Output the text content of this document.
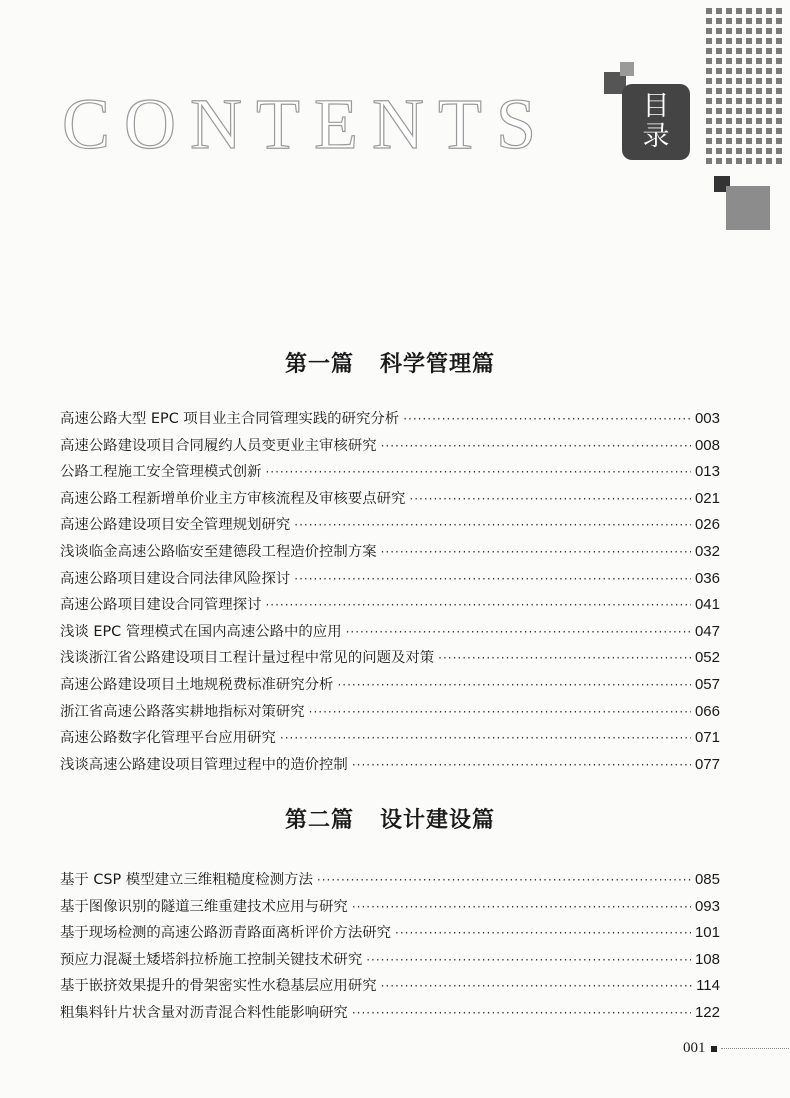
CONTENTS	目
录
第一篇 科学管理篇
高速公路大型 EPC 项目业主合同管理实践的研究分析 ·····	003
高速公路建设项目合同履约人员变更业主审核研究 ·····	008
公路工程施工安全管理模式创新 ·····	013
高速公路工程新增单价业主方审核流程及审核要点研究 ·····	021
高速公路建设项目安全管理规划研究 ·····	026
浅谈临金高速公路临安至建德段工程造价控制方案 ·····	032
高速公路项目建设合同法律风险探讨 ·····	036
高速公路项目建设合同管理探讨 ·····	041
浅谈 EPC 管理模式在国内高速公路中的应用 ·····	047
浅谈浙江省公路建设项目工程计量过程中常见的问题及对策 ·····	052
高速公路建设项目土地规税费标准研究分析 ·····	057
浙江省高速公路落实耕地指标对策研究 ·····	066
高速公路数字化管理平台应用研究 ·····	071
浅谈高速公路建设项目管理过程中的造价控制 ·····	077
第二篇 设计建设篇
基于 CSP 模型建立三维粗糙度检测方法 ·····	085
基于图像识别的隧道三维重建技术应用与研究 ·····	093
基于现场检测的高速公路沥青路面离析评价方法研究 ·····	101
预应力混凝土矮塔斜拉桥施工控制关键技术研究 ·····	108
基于嵌挤效果提升的骨架密实性水稳基层应用研究 ·····	114
粗集料针片状含量对沥青混合料性能影响研究 ·····	122
001
